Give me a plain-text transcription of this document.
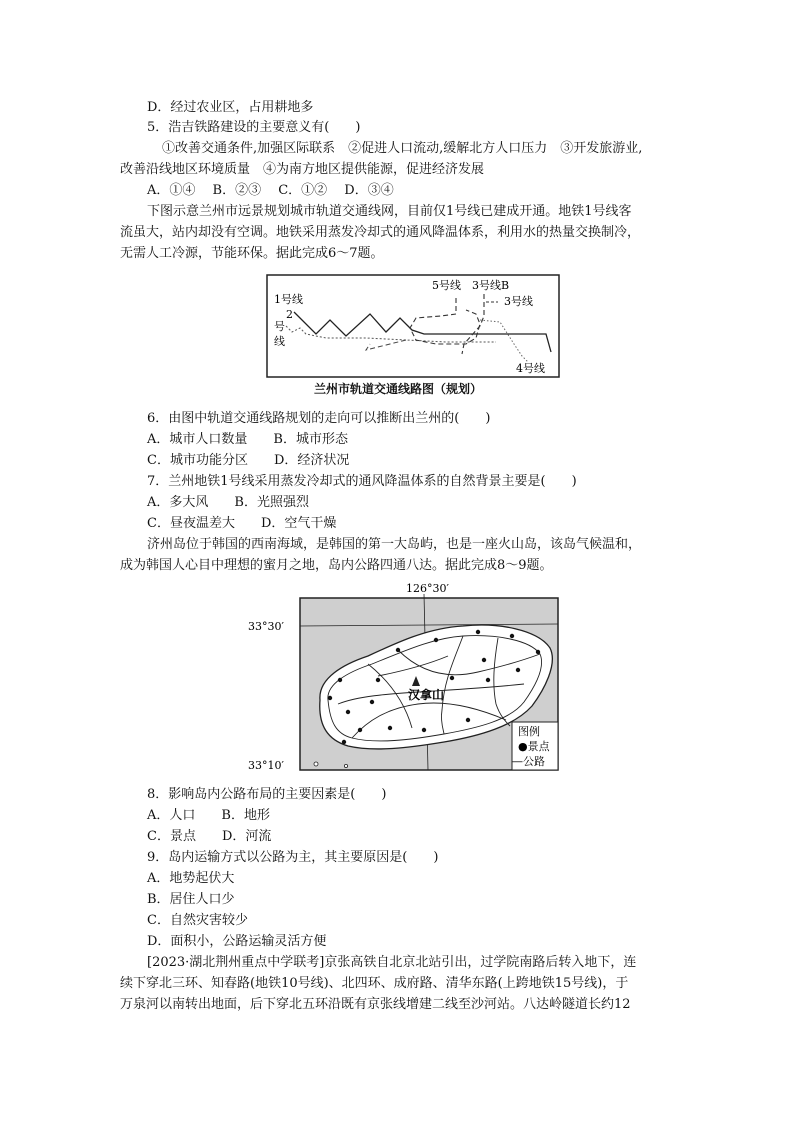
D．经过农业区，占用耕地多
5．浩吉铁路建设的主要意义有(　　)
①改善交通条件,加强区际联系　②促进人口流动,缓解北方人口压力　③开发旅游业,
改善沿线地区环境质量　④为南方地区提供能源，促进经济发展
A．①④　 B．②③　 C．①②　 D．③④
下图示意兰州市远景规划城市轨道交通线网，目前仅1号线已建成开通。地铁1号线客
流虽大，站内却没有空调。地铁采用蒸发冷却式的通风降温体系，利用水的热量交换制冷，
无需人工冷源，节能环保。据此完成6～7题。
1号线
2
号
线
5号线 3号线B
3号线
4号线
兰州市轨道交通线路图（规划）
6．由图中轨道交通线路规划的走向可以推断出兰州的(　　)
A．城市人口数量　　B．城市形态
C．城市功能分区　　D．经济状况
7．兰州地铁1号线采用蒸发冷却式的通风降温体系的自然背景主要是(　　)
A．多大风　　B．光照强烈
C．昼夜温差大　　D．空气干燥
济州岛位于韩国的西南海域，是韩国的第一大岛屿，也是一座火山岛，该岛气候温和，
成为韩国人心目中理想的蜜月之地，岛内公路四通八达。据此完成8～9题。
126°30′
33°30′
33°10′
汉拿山
图例
●景点
—公路
8．影响岛内公路布局的主要因素是(　　)
A．人口　　B．地形
C．景点　　D．河流
9．岛内运输方式以公路为主，其主要原因是(　　)
A．地势起伏大
B．居住人口少
C．自然灾害较少
D．面积小，公路运输灵活方便
[2023·湖北荆州重点中学联考]京张高铁自北京北站引出，过学院南路后转入地下，连
续下穿北三环、知春路(地铁10号线)、北四环、成府路、清华东路(上跨地铁15号线)，于
万泉河以南转出地面，后下穿北五环沿既有京张线增建二线至沙河站。八达岭隧道长约12
